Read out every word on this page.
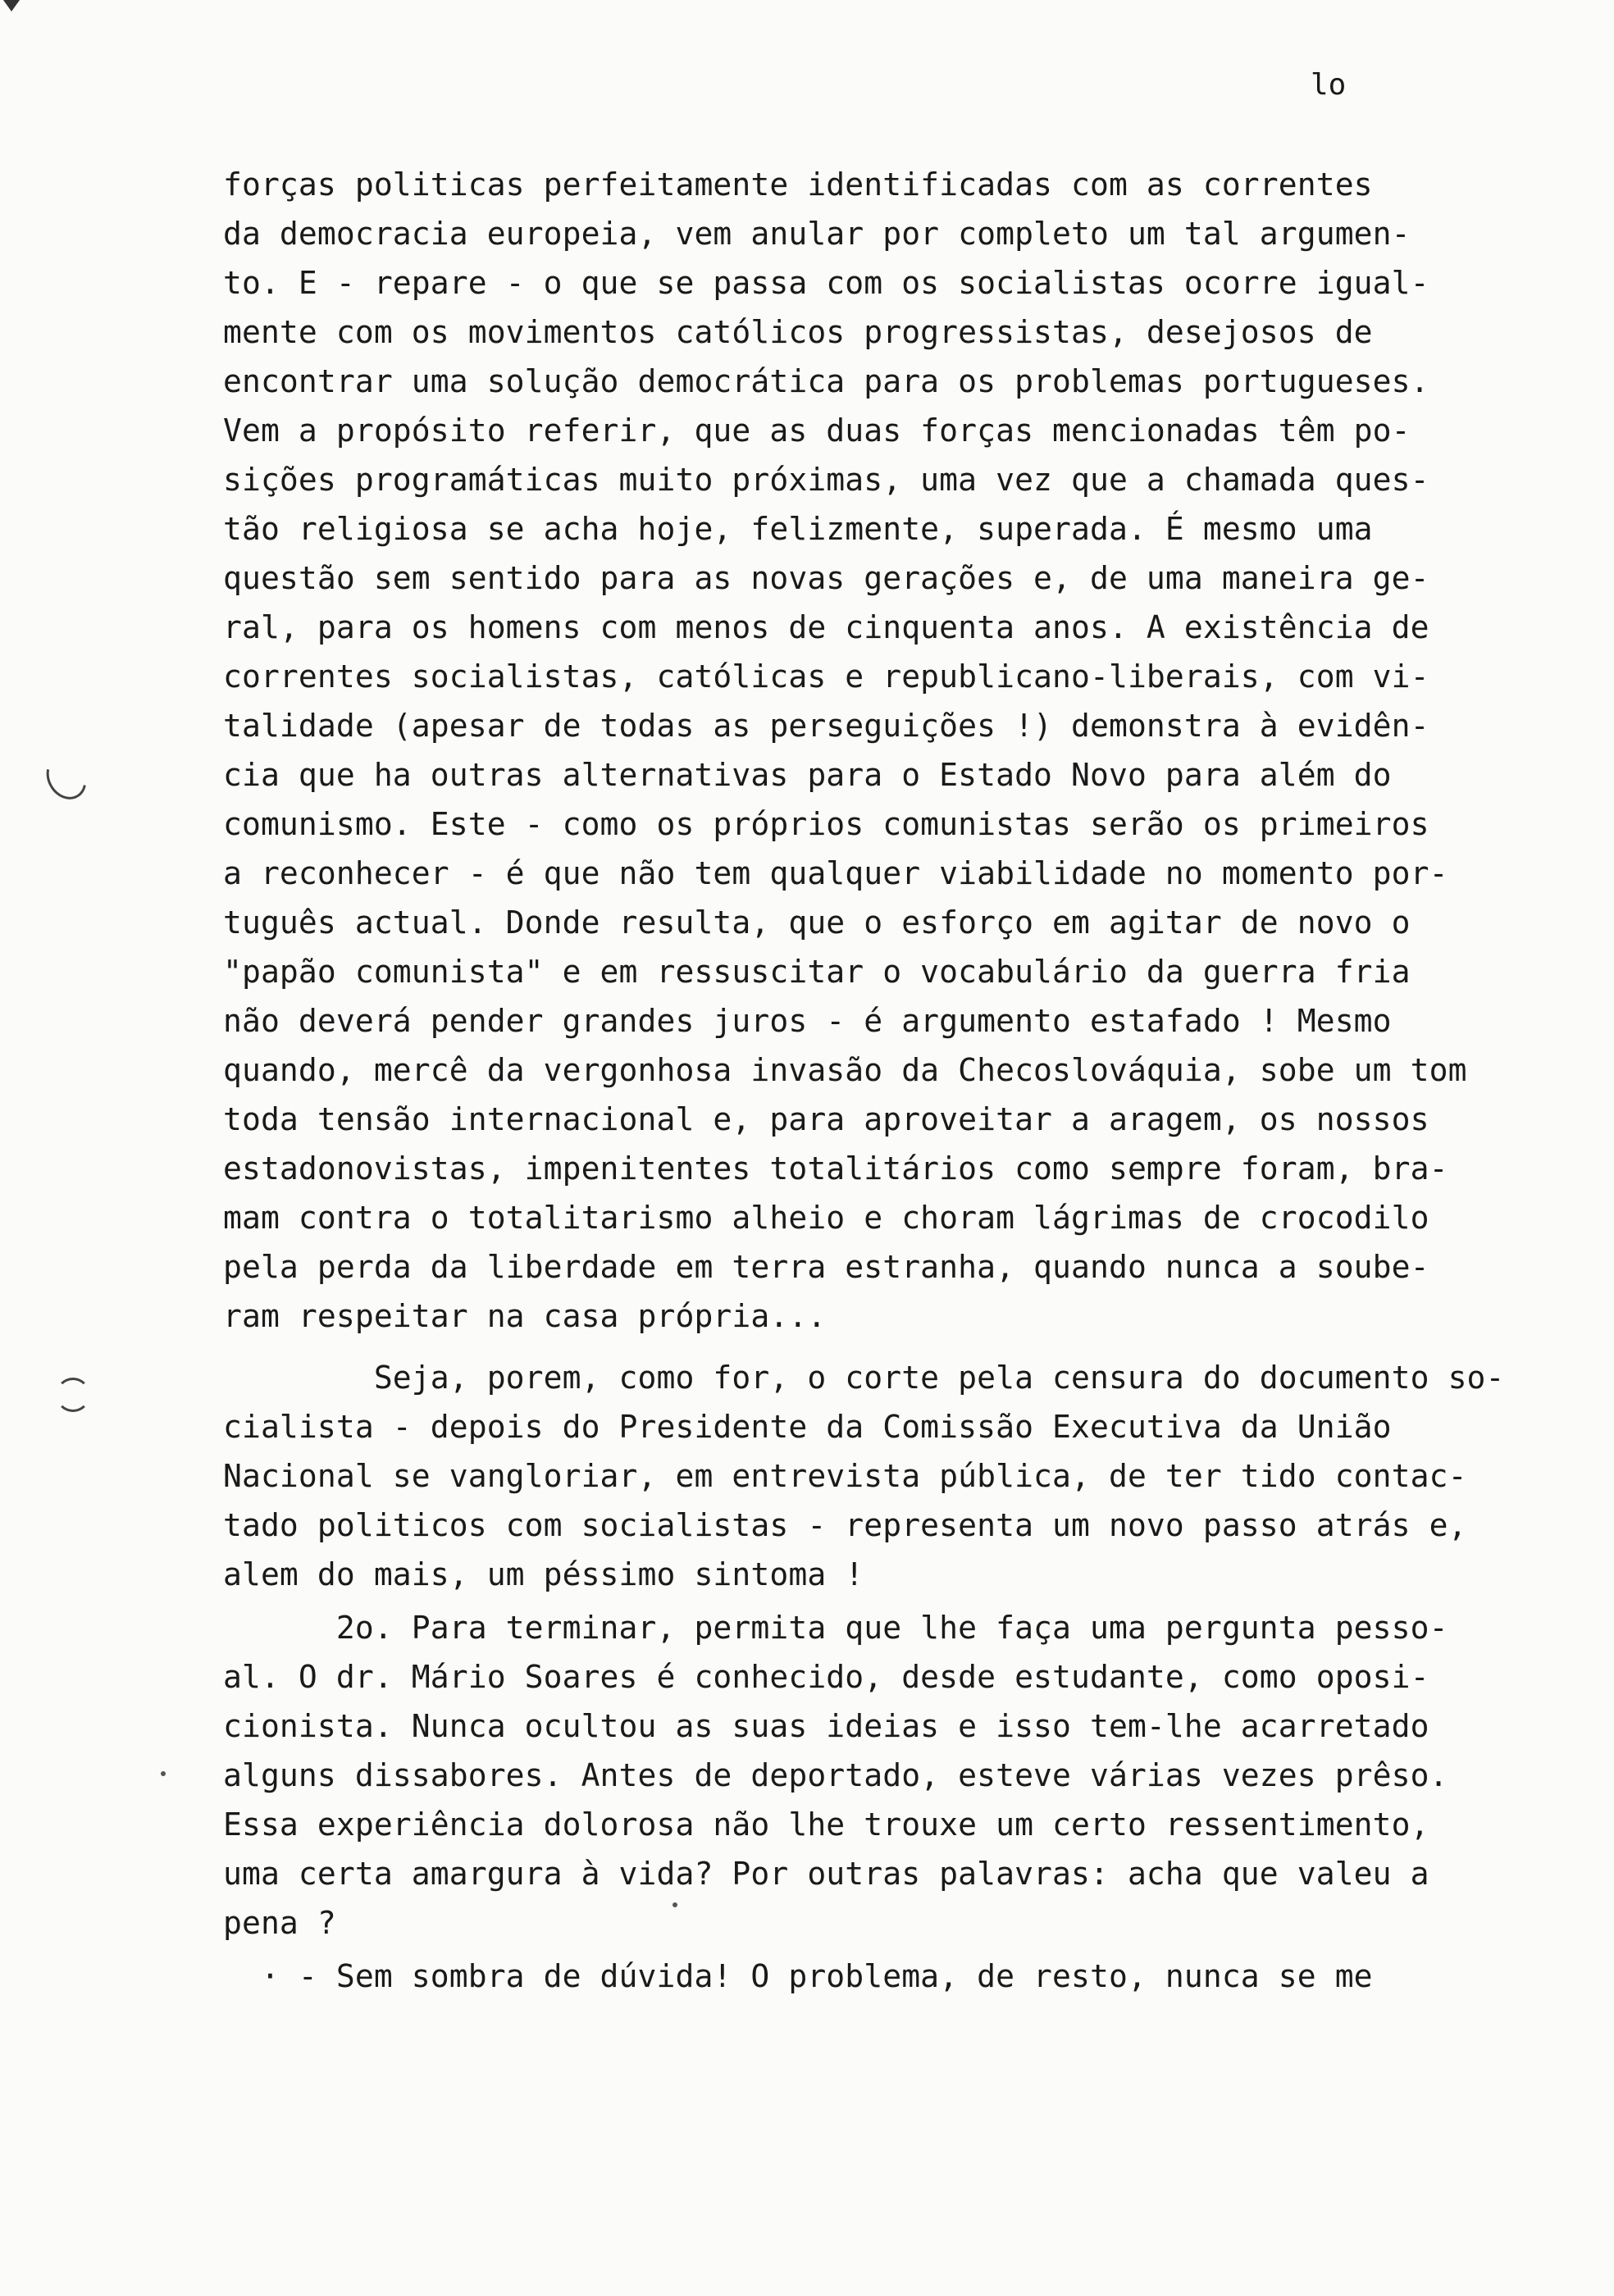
lo
forças politicas perfeitamente identificadas com as correntes
da democracia europeia, vem anular por completo um tal argumen-
to. E - repare - o que se passa com os socialistas ocorre igual-
mente com os movimentos católicos progressistas, desejosos de
encontrar uma solução democrática para os problemas portugueses.
Vem a propósito referir, que as duas forças mencionadas têm po-
sições programáticas muito próximas, uma vez que a chamada ques-
tão religiosa se acha hoje, felizmente, superada. É mesmo uma
questão sem sentido para as novas gerações e, de uma maneira ge-
ral, para os homens com menos de cinquenta anos. A existência de
correntes socialistas, católicas e republicano-liberais, com vi-
talidade (apesar de todas as perseguições !) demonstra à evidên-
cia que ha outras alternativas para o Estado Novo para além do
comunismo. Este - como os próprios comunistas serão os primeiros
a reconhecer - é que não tem qualquer viabilidade no momento por-
tuguês actual. Donde resulta, que o esforço em agitar de novo o
"papão comunista" e em ressuscitar o vocabulário da guerra fria
não deverá pender grandes juros - é argumento estafado ! Mesmo
quando, mercê da vergonhosa invasão da Checoslováquia, sobe um tom
toda tensão internacional e, para aproveitar a aragem, os nossos
estadonovistas, impenitentes totalitários como sempre foram, bra-
mam contra o totalitarismo alheio e choram lágrimas de crocodilo
pela perda da liberdade em terra estranha, quando nunca a soube-
ram respeitar na casa própria...
Seja, porem, como for, o corte pela censura do documento so-
cialista - depois do Presidente da Comissão Executiva da União
Nacional se vangloriar, em entrevista pública, de ter tido contac-
tado politicos com socialistas - representa um novo passo atrás e,
alem do mais, um péssimo sintoma !
2o. Para terminar, permita que lhe faça uma pergunta pesso-
al. O dr. Mário Soares é conhecido, desde estudante, como oposi-
cionista. Nunca ocultou as suas ideias e isso tem-lhe acarretado
alguns dissabores. Antes de deportado, esteve várias vezes prêso.
Essa experiência dolorosa não lhe trouxe um certo ressentimento,
uma certa amargura à vida? Por outras palavras: acha que valeu a
pena ?
· - Sem sombra de dúvida! O problema, de resto, nunca se me
